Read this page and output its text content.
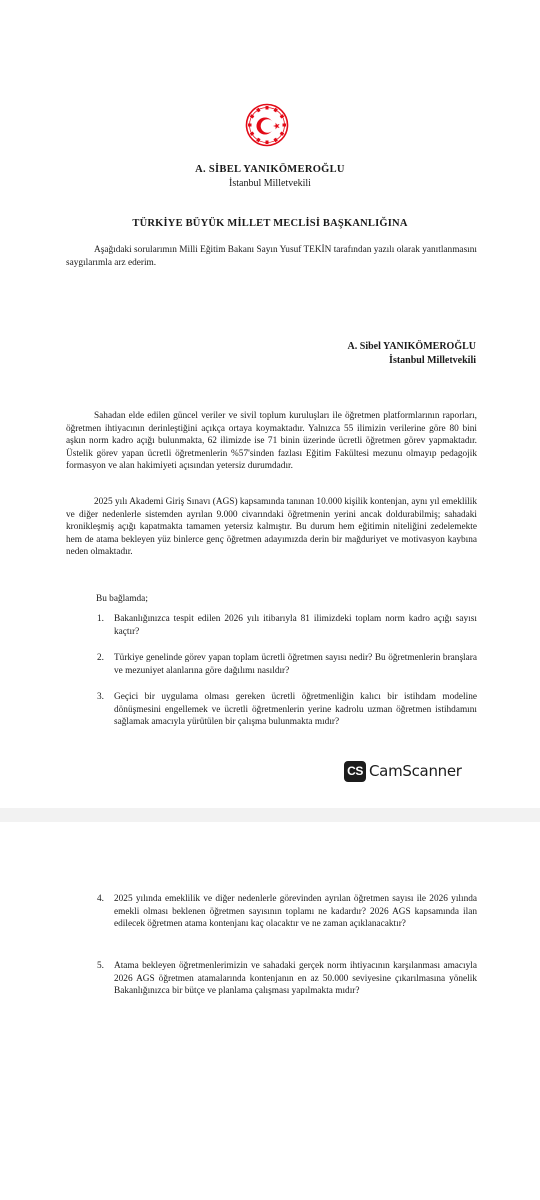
A. SİBEL YANIKÖMEROĞLU
İstanbul Milletvekili
TÜRKİYE BÜYÜK MİLLET MECLİSİ BAŞKANLIĞINA

Aşağıdaki sorularımın Milli Eğitim Bakanı Sayın Yusuf TEKİN tarafından yazılı olarak yanıtlanmasını saygılarımla arz ederim.

A. Sibel YANIKÖMEROĞLU
İstanbul Milletvekili

Sahadan elde edilen güncel veriler ve sivil toplum kuruluşları ile öğretmen platformlarının raporları, öğretmen ihtiyacının derinleştiğini açıkça ortaya koymaktadır. Yalnızca 55 ilimizin verilerine göre 80 bini aşkın norm kadro açığı bulunmakta, 62 ilimizde ise 71 binin üzerinde ücretli öğretmen görev yapmaktadır. Üstelik görev yapan ücretli öğretmenlerin %57'sinden fazlası Eğitim Fakültesi mezunu olmayıp pedagojik formasyon ve alan hakimiyeti açısından yetersiz durumdadır.

2025 yılı Akademi Giriş Sınavı (AGS) kapsamında tanınan 10.000 kişilik kontenjan, aynı yıl emeklilik ve diğer nedenlerle sistemden ayrılan 9.000 civarındaki öğretmenin yerini ancak doldurabilmiş; sahadaki kronikleşmiş açığı kapatmakta tamamen yetersiz kalmıştır. Bu durum hem eğitimin niteliğini zedelemekte hem de atama bekleyen yüz binlerce genç öğretmen adayımızda derin bir mağduriyet ve motivasyon kaybına neden olmaktadır.

Bu bağlamda;
1. Bakanlığınızca tespit edilen 2026 yılı itibarıyla 81 ilimizdeki toplam norm kadro açığı sayısı kaçtır?
2. Türkiye genelinde görev yapan toplam ücretli öğretmen sayısı nedir? Bu öğretmenlerin branşlara ve mezuniyet alanlarına göre dağılımı nasıldır?
3. Geçici bir uygulama olması gereken ücretli öğretmenliğin kalıcı bir istihdam modeline dönüşmesini engellemek ve ücretli öğretmenlerin yerine kadrolu uzman öğretmen istihdamını sağlamak amacıyla yürütülen bir çalışma bulunmakta mıdır?
CS CamScanner
4. 2025 yılında emeklilik ve diğer nedenlerle görevinden ayrılan öğretmen sayısı ile 2026 yılında emekli olması beklenen öğretmen sayısının toplamı ne kadardır? 2026 AGS kapsamında ilan edilecek öğretmen atama kontenjanı kaç olacaktır ve ne zaman açıklanacaktır?
5. Atama bekleyen öğretmenlerimizin ve sahadaki gerçek norm ihtiyacının karşılanması amacıyla 2026 AGS öğretmen atamalarında kontenjanın en az 50.000 seviyesine çıkarılmasına yönelik Bakanlığınızca bir bütçe ve planlama çalışması yapılmakta mıdır?
